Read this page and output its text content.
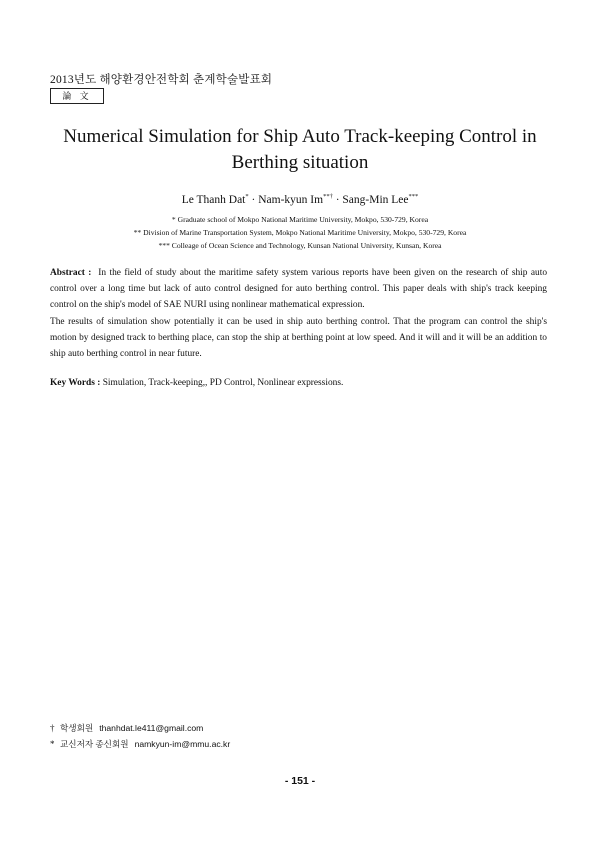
2013년도 해양환경안전학회 춘계학술발표회
論 文
Numerical Simulation for Ship Auto Track-keeping Control in Berthing situation
Le Thanh Dat* · Nam-kyun Im**† · Sang-Min Lee***
* Graduate school of Mokpo National Maritime University, Mokpo, 530-729, Korea
** Division of Marine Transportation System, Mokpo National Maritime University, Mokpo, 530-729, Korea
*** Colleage of Ocean Science and Technology, Kunsan National University, Kunsan, Korea

Abstract : In the field of study about the maritime safety system various reports have been given on the research of ship auto control over a long time but lack of auto control designed for auto berthing control. This paper deals with ship's track keeping control on the ship's model of SAE NURI using nonlinear mathematical expression.

The results of simulation show potentially it can be used in ship auto berthing control. That the program can control the ship's motion by designed track to berthing place, can stop the ship at berthing point at low speed. And it will and it will be an addition to ship auto berthing control in near future.

Key Words : Simulation, Track-keeping,, PD Control, Nonlinear expressions.
† 학생회원 thanhdat.le411@gmail.com
* 교신저자 종신회원 namkyun-im@mmu.ac.kr
- 151 -
